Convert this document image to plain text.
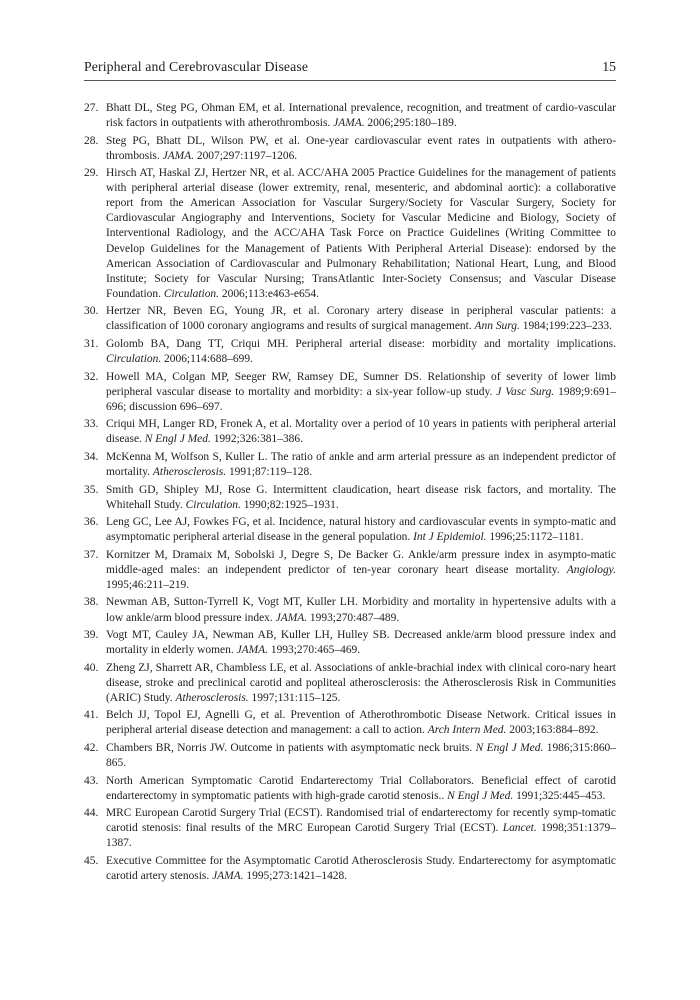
Peripheral and Cerebrovascular Disease	15
27. Bhatt DL, Steg PG, Ohman EM, et al. International prevalence, recognition, and treatment of cardio-vascular risk factors in outpatients with atherothrombosis. JAMA. 2006;295:180–189.
28. Steg PG, Bhatt DL, Wilson PW, et al. One-year cardiovascular event rates in outpatients with athero-thrombosis. JAMA. 2007;297:1197–1206.
29. Hirsch AT, Haskal ZJ, Hertzer NR, et al. ACC/AHA 2005 Practice Guidelines for the management of patients with peripheral arterial disease (lower extremity, renal, mesenteric, and abdominal aortic): a collaborative report from the American Association for Vascular Surgery/Society for Vascular Surgery, Society for Cardiovascular Angiography and Interventions, Society for Vascular Medicine and Biology, Society of Interventional Radiology, and the ACC/AHA Task Force on Practice Guidelines (Writing Committee to Develop Guidelines for the Management of Patients With Peripheral Arterial Disease): endorsed by the American Association of Cardiovascular and Pulmonary Rehabilitation; National Heart, Lung, and Blood Institute; Society for Vascular Nursing; TransAtlantic Inter-Society Consensus; and Vascular Disease Foundation. Circulation. 2006;113:e463-e654.
30. Hertzer NR, Beven EG, Young JR, et al. Coronary artery disease in peripheral vascular patients: a classification of 1000 coronary angiograms and results of surgical management. Ann Surg. 1984;199:223–233.
31. Golomb BA, Dang TT, Criqui MH. Peripheral arterial disease: morbidity and mortality implications. Circulation. 2006;114:688–699.
32. Howell MA, Colgan MP, Seeger RW, Ramsey DE, Sumner DS. Relationship of severity of lower limb peripheral vascular disease to mortality and morbidity: a six-year follow-up study. J Vasc Surg. 1989;9:691–696; discussion 696–697.
33. Criqui MH, Langer RD, Fronek A, et al. Mortality over a period of 10 years in patients with peripheral arterial disease. N Engl J Med. 1992;326:381–386.
34. McKenna M, Wolfson S, Kuller L. The ratio of ankle and arm arterial pressure as an independent predictor of mortality. Atherosclerosis. 1991;87:119–128.
35. Smith GD, Shipley MJ, Rose G. Intermittent claudication, heart disease risk factors, and mortality. The Whitehall Study. Circulation. 1990;82:1925–1931.
36. Leng GC, Lee AJ, Fowkes FG, et al. Incidence, natural history and cardiovascular events in sympto-matic and asymptomatic peripheral arterial disease in the general population. Int J Epidemiol. 1996;25:1172–1181.
37. Kornitzer M, Dramaix M, Sobolski J, Degre S, De Backer G. Ankle/arm pressure index in asympto-matic middle-aged males: an independent predictor of ten-year coronary heart disease mortality. Angiology. 1995;46:211–219.
38. Newman AB, Sutton-Tyrrell K, Vogt MT, Kuller LH. Morbidity and mortality in hypertensive adults with a low ankle/arm blood pressure index. JAMA. 1993;270:487–489.
39. Vogt MT, Cauley JA, Newman AB, Kuller LH, Hulley SB. Decreased ankle/arm blood pressure index and mortality in elderly women. JAMA. 1993;270:465–469.
40. Zheng ZJ, Sharrett AR, Chambless LE, et al. Associations of ankle-brachial index with clinical coro-nary heart disease, stroke and preclinical carotid and popliteal atherosclerosis: the Atherosclerosis Risk in Communities (ARIC) Study. Atherosclerosis. 1997;131:115–125.
41. Belch JJ, Topol EJ, Agnelli G, et al. Prevention of Atherothrombotic Disease Network. Critical issues in peripheral arterial disease detection and management: a call to action. Arch Intern Med. 2003;163:884–892.
42. Chambers BR, Norris JW. Outcome in patients with asymptomatic neck bruits. N Engl J Med. 1986;315:860–865.
43. North American Symptomatic Carotid Endarterectomy Trial Collaborators. Beneficial effect of carotid endarterectomy in symptomatic patients with high-grade carotid stenosis.. N Engl J Med. 1991;325:445–453.
44. MRC European Carotid Surgery Trial (ECST). Randomised trial of endarterectomy for recently symp-tomatic carotid stenosis: final results of the MRC European Carotid Surgery Trial (ECST). Lancet. 1998;351:1379–1387.
45. Executive Committee for the Asymptomatic Carotid Atherosclerosis Study. Endarterectomy for asymptomatic carotid artery stenosis. JAMA. 1995;273:1421–1428.
